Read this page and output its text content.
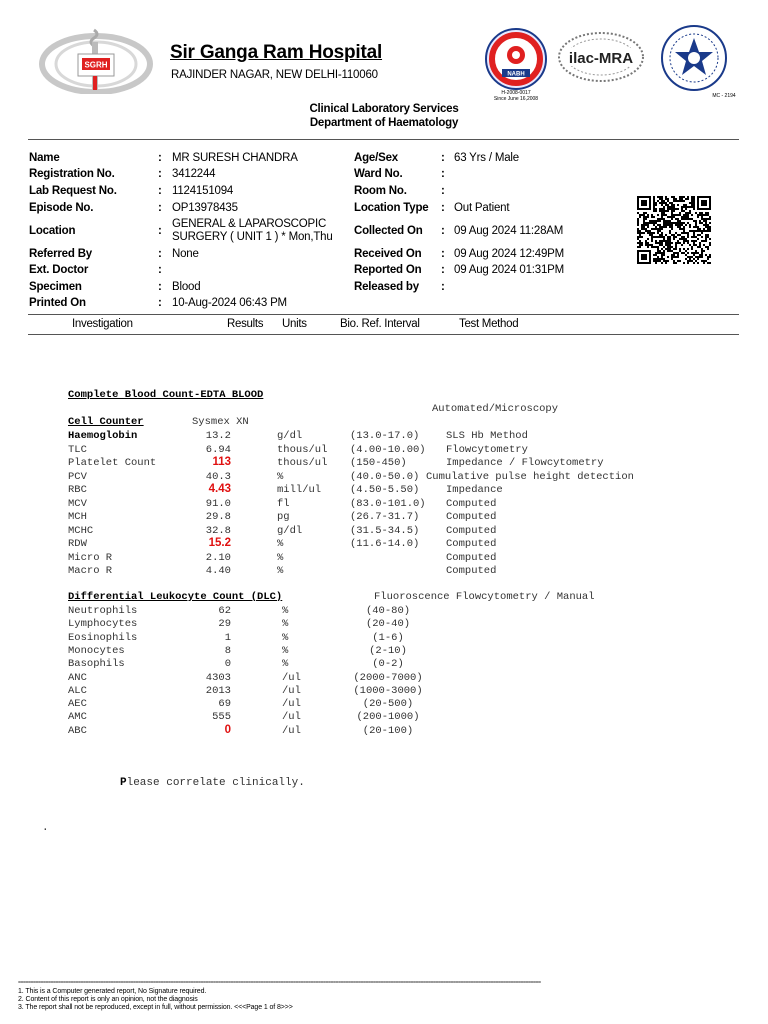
SGRH
Sir Ganga Ram Hospital
RAJINDER NAGAR, NEW DELHI-110060	NABH
H-2008-0017
Since June 16,2008
ilac-MRA
MC - 2194
Clinical Laboratory Services
Department of Haematology
Name	: MR SURESH CHANDRA
Registration No.	: 3412244
Lab Request No.	: 1124151094
Episode No.	: OP13978435
Location	:
GENERAL & LAPAROSCOPIC
SURGERY ( UNIT 1 ) * Mon,Thu
Referred By	: None
Ext. Doctor	:
Specimen	: Blood
Printed On	: 10-Aug-2024 06:43 PM
Age/Sex	: 63 Yrs / Male
Ward No.	:
Room No.	:
Location Type : Out Patient
Collected On : 09 Aug 2024 11:28AM
Received On : 09 Aug 2024 12:49PM
Reported On : 09 Aug 2024 01:31PM
Released by :
Investigation	Results Units	Bio. Ref. Interval	Test Method
Complete Blood Count-EDTA BLOOD
Automated/Microscopy
Cell Counter	Sysmex XN
Haemoglobin	13.2	g/dl	(13.0-17.0)	SLS Hb Method
TLC	6.94	thous/ul (4.00-10.00) Flowcytometry
Platelet Count	113	thous/ul (150-450)	Impedance / Flowcytometry
PCV	40.3	%	(40.0-50.0) Cumulative pulse height detection
RBC	4.43	mill/ul	(4.50-5.50)	Impedance
MCV	91.0	fl	(83.0-101.0) Computed
MCH	29.8	pg	(26.7-31.7)	Computed
MCHC	32.8	g/dl	(31.5-34.5)	Computed
RDW	15.2	%	(11.6-14.0)	Computed
Micro R	2.10	%	Computed
Macro R	4.40	%	Computed
Differential Leukocyte Count (DLC)	Fluoroscence Flowcytometry / Manual
Neutrophils	62	%	(40-80)
Lymphocytes	29	%	(20-40)
Eosinophils	1	%	(1-6)
Monocytes	8	%	(2-10)
Basophils	0	%	(0-2)
ANC	4303	/ul	(2000-7000)
ALC	2013	/ul	(1000-3000)
AEC	69	/ul	(20-500)
AMC	555	/ul	(200-1000)
ABC	0	/ul	(20-100)
Please correlate clinically.
.
=================================================================================================================================================================================================================
1. This is a Computer generated report, No Signature required.
2. Content of this report is only an opinion, not the diagnosis
3. The report shall not be reproduced, except in full, without permission. <<<Page 1 of 8>>>
